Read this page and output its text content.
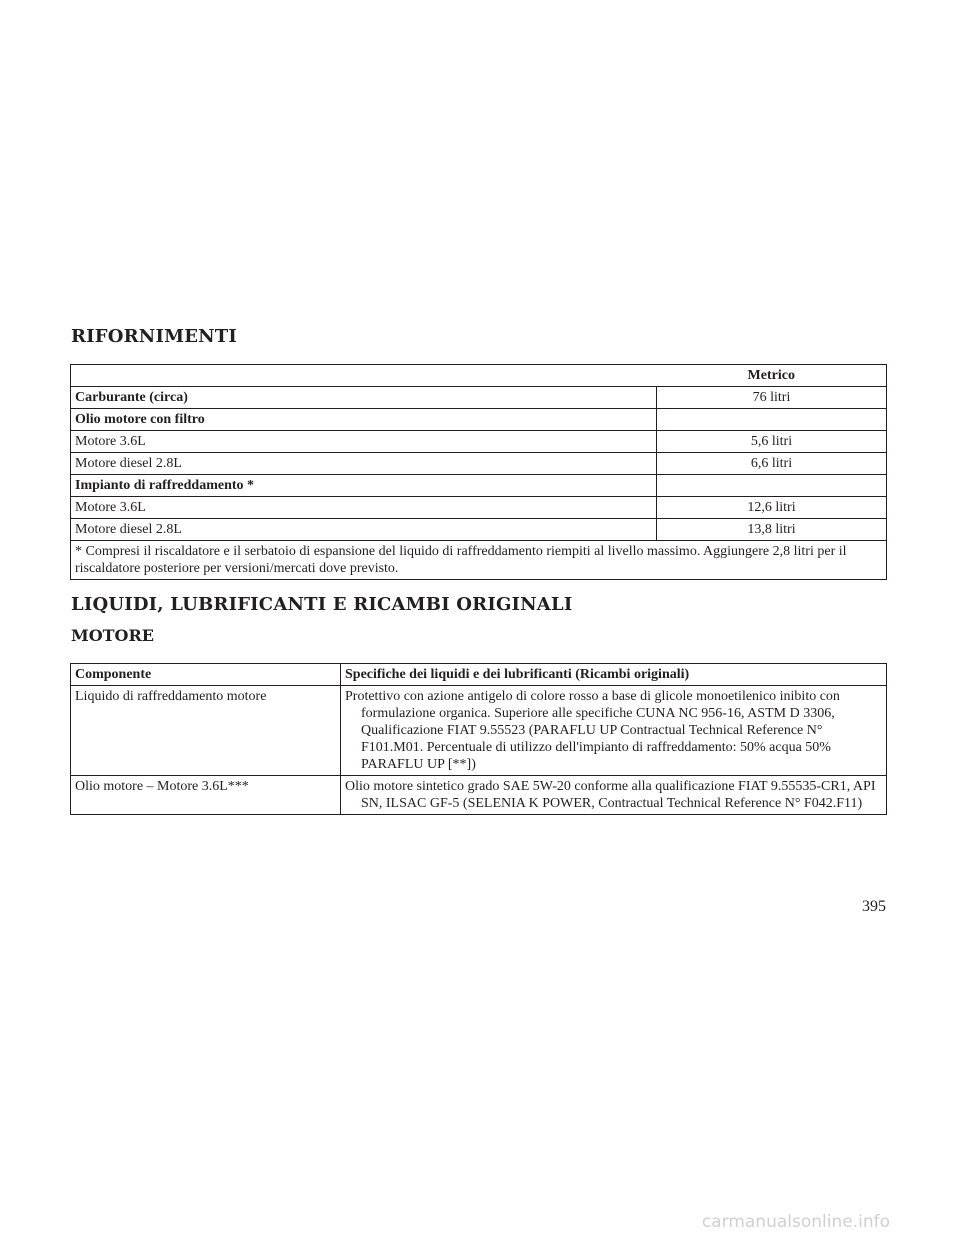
RIFORNIMENTI
	Metrico
Carburante (circa)	76 litri
Olio motore con filtro	
Motore 3.6L	5,6 litri
Motore diesel 2.8L	6,6 litri
Impianto di raffreddamento *	
Motore 3.6L	12,6 litri
Motore diesel 2.8L	13,8 litri
* Compresi il riscaldatore e il serbatoio di espansione del liquido di raffreddamento riempiti al livello massimo. Aggiungere 2,8 litri per il riscaldatore posteriore per versioni/mercati dove previsto.	
LIQUIDI, LUBRIFICANTI E RICAMBI ORIGINALI
MOTORE
Componente	Specifiche dei liquidi e dei lubrificanti (Ricambi originali)
Liquido di raffreddamento motore	Protettivo con azione antigelo di colore rosso a base di glicole monoetilenico inibito con formulazione organica. Superiore alle specifiche CUNA NC 956-16, ASTM D 3306, Qualificazione FIAT 9.55523 (PARAFLU UP Contractual Technical Reference N° F101.M01. Percentuale di utilizzo dell'impianto di raffreddamento: 50% acqua 50% PARAFLU UP [**])

Olio motore – Motore 3.6L***	Olio motore sintetico grado SAE 5W-20 conforme alla qualificazione FIAT 9.55535-CR1, API SN, ILSAC GF-5 (SELENIA K POWER, Contractual Technical Reference N° F042.F11)
395
carmanualsonline.info
